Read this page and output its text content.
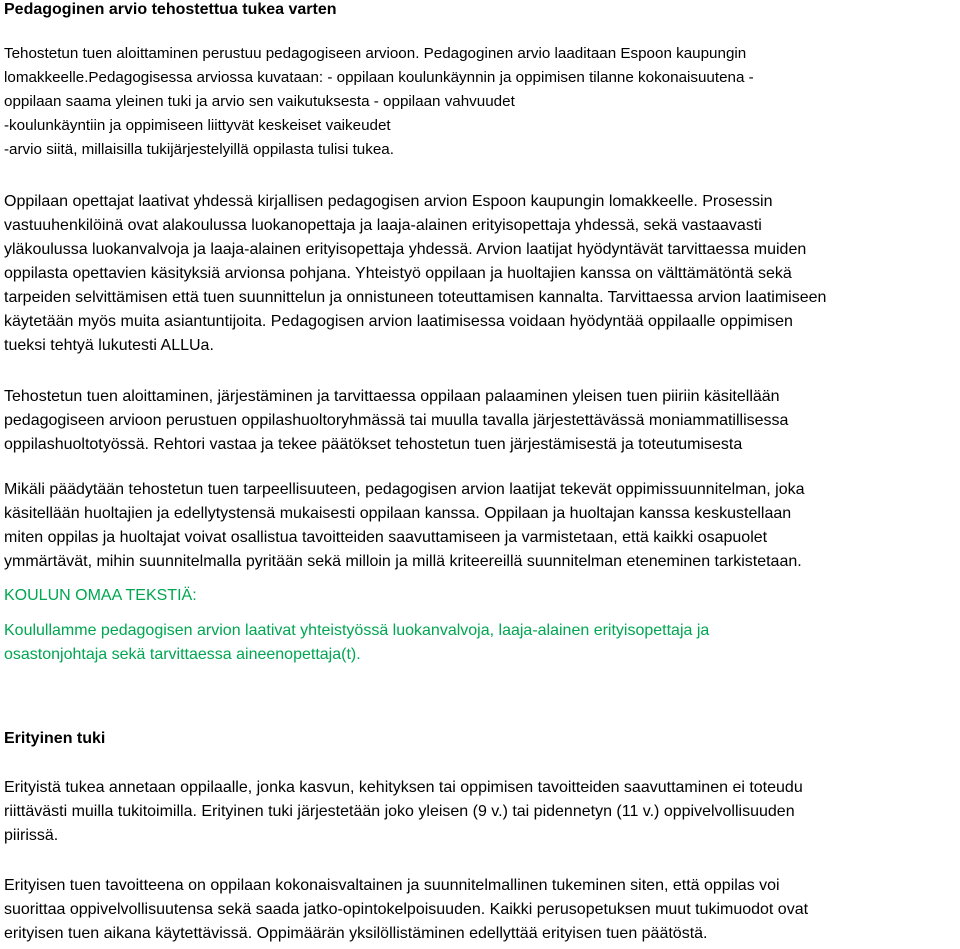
Pedagoginen arvio tehostettua tukea varten
Tehostetun tuen aloittaminen perustuu pedagogiseen arvioon. Pedagoginen arvio laaditaan Espoon kaupungin
lomakkeelle.Pedagogisessa arviossa kuvataan: - oppilaan koulunkäynnin ja oppimisen tilanne kokonaisuutena -
oppilaan saama yleinen tuki ja arvio sen vaikutuksesta - oppilaan vahvuudet
-koulunkäyntiin ja oppimiseen liittyvät keskeiset vaikeudet
-arvio siitä, millaisilla tukijärjestelyillä oppilasta tulisi tukea.
Oppilaan opettajat laativat yhdessä kirjallisen pedagogisen arvion Espoon kaupungin lomakkeelle. Prosessin
vastuuhenkilöinä ovat alakoulussa luokanopettaja ja laaja-alainen erityisopettaja yhdessä, sekä vastaavasti
yläkoulussa luokanvalvoja ja laaja-alainen erityisopettaja yhdessä. Arvion laatijat hyödyntävät tarvittaessa muiden
oppilasta opettavien käsityksiä arvionsa pohjana. Yhteistyö oppilaan ja huoltajien kanssa on välttämätöntä sekä
tarpeiden selvittämisen että tuen suunnittelun ja onnistuneen toteuttamisen kannalta. Tarvittaessa arvion laatimiseen
käytetään myös muita asiantuntijoita. Pedagogisen arvion laatimisessa voidaan hyödyntää oppilaalle oppimisen
tueksi tehtyä lukutesti ALLUa.
Tehostetun tuen aloittaminen, järjestäminen ja tarvittaessa oppilaan palaaminen yleisen tuen piiriin käsitellään
pedagogiseen arvioon perustuen oppilashuoltoryhmässä tai muulla tavalla järjestettävässä moniammatillisessa
oppilashuoltotyössä. Rehtori vastaa ja tekee päätökset tehostetun tuen järjestämisestä ja toteutumisesta
Mikäli päädytään tehostetun tuen tarpeellisuuteen, pedagogisen arvion laatijat tekevät oppimissuunnitelman, joka
käsitellään huoltajien ja edellytystensä mukaisesti oppilaan kanssa. Oppilaan ja huoltajan kanssa keskustellaan
miten oppilas ja huoltajat voivat osallistua tavoitteiden saavuttamiseen ja varmistetaan, että kaikki osapuolet
ymmärtävät, mihin suunnitelmalla pyritään sekä milloin ja millä kriteereillä suunnitelman eteneminen tarkistetaan.
KOULUN OMAA TEKSTIÄ:
Koulullamme pedagogisen arvion laativat yhteistyössä luokanvalvoja, laaja-alainen erityisopettaja ja
osastonjohtaja sekä tarvittaessa aineenopettaja(t).
Erityinen tuki
Erityistä tukea annetaan oppilaalle, jonka kasvun, kehityksen tai oppimisen tavoitteiden saavuttaminen ei toteudu
riittävästi muilla tukitoimilla. Erityinen tuki järjestetään joko yleisen (9 v.) tai pidennetyn (11 v.) oppivelvollisuuden
piirissä.
Erityisen tuen tavoitteena on oppilaan kokonaisvaltainen ja suunnitelmallinen tukeminen siten, että oppilas voi
suorittaa oppivelvollisuutensa sekä saada jatko-opintokelpoisuuden. Kaikki perusopetuksen muut tukimuodot ovat
erityisen tuen aikana käytettävissä. Oppimäärän yksilöllistäminen edellyttää erityisen tuen päätöstä.
